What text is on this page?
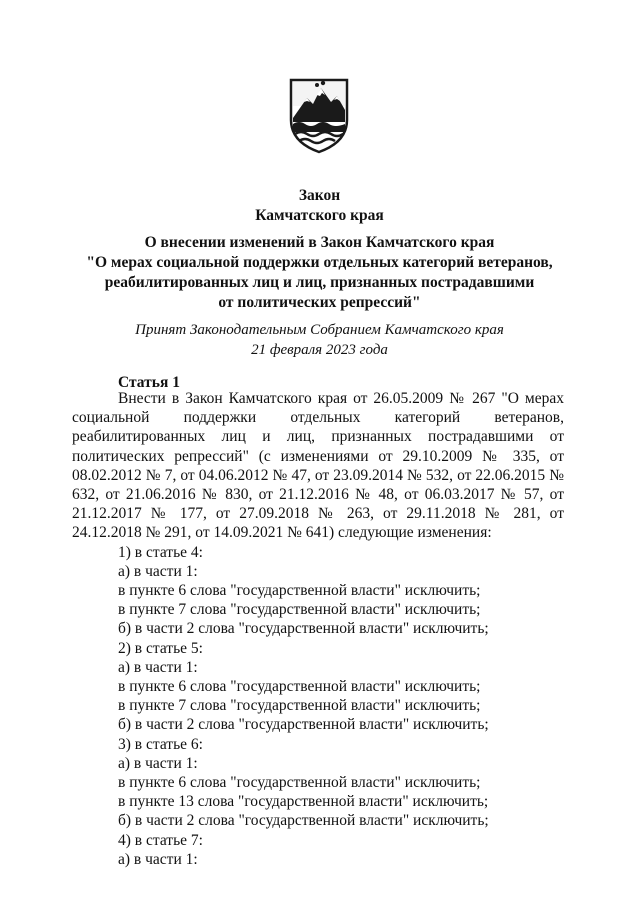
Закон
Камчатского края
О внесении изменений в Закон Камчатского края
"О мерах социальной поддержки отдельных категорий ветеранов,
реабилитированных лиц и лиц, признанных пострадавшими
от политических репрессий"
Принят Законодательным Собранием Камчатского края
21 февраля 2023 года
Статья 1

Внести в Закон Камчатского края от 26.05.2009 № 267 "О мерах социальной поддержки отдельных категорий ветеранов, реабилитированных лиц и лиц, признанных пострадавшими от политических репрессий" (с изменениями от 29.10.2009 № 335, от 08.02.2012 № 7, от 04.06.2012 № 47, от 23.09.2014 № 532, от 22.06.2015 № 632, от 21.06.2016 № 830, от 21.12.2016 № 48, от 06.03.2017 № 57, от 21.12.2017 № 177, от 27.09.2018 № 263, от 29.11.2018 № 281, от 24.12.2018 № 291, от 14.09.2021 № 641) следующие изменения:

1) в статье 4:

а) в части 1:

в пункте 6 слова "государственной власти" исключить;

в пункте 7 слова "государственной власти" исключить;

б) в части 2 слова "государственной власти" исключить;

2) в статье 5:

а) в части 1:

в пункте 6 слова "государственной власти" исключить;

в пункте 7 слова "государственной власти" исключить;

б) в части 2 слова "государственной власти" исключить;

3) в статье 6:

а) в части 1:

в пункте 6 слова "государственной власти" исключить;

в пункте 13 слова "государственной власти" исключить;

б) в части 2 слова "государственной власти" исключить;

4) в статье 7:

а) в части 1:
